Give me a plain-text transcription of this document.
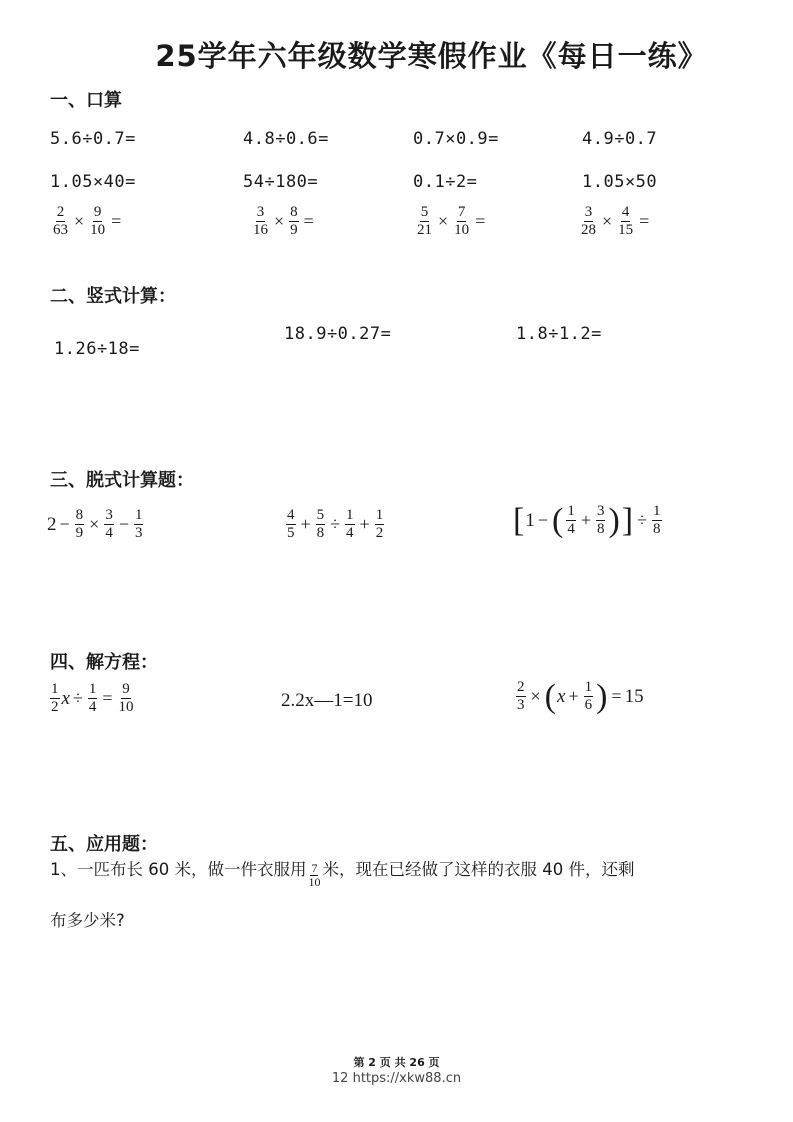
25学年六年级数学寒假作业《每日一练》
一、口算
5.6÷0.7=	4.8÷0.6=	0.7×0.9=	4.9÷0.7
1.05×40=	54÷180=	0.1÷2=	1.05×50
$\frac{2}{63} \times \frac{9}{10}$ =	$\frac{3}{16} \times \frac{8}{9}$ =	$\frac{5}{21} \times \frac{7}{10}$ =	$\frac{3}{28} \times \frac{4}{15}$ =
二、竖式计算：
1.26÷18=
18.9÷0.27=	1.8÷1.2=
三、脱式计算题：
$2 - \frac{8}{9} \times \frac{3}{4} - \frac{1}{3}$	$\frac{4}{5} + \frac{5}{8} \div \frac{1}{4} + \frac{1}{2}$	[ 1 − ( $\frac{1}{4} + \frac{3}{8}$ ) ] ÷ $\frac{1}{8}$
四、解方程：
$\frac{1}{2}$ $x \div \frac{1}{4} = \frac{9}{10}$	2.2x—1=10	$\frac{2}{3}$ × ( $x + \frac{1}{6}$ ) = 15
五、应用题：
1、一匹布长 60 米，做一件衣服用 $\frac{7}{10}$ 米，现在已经做了这样的衣服 40 件，还剩
布多少米?
第 2 页 共 26 页
12 https://xkw88.cn
